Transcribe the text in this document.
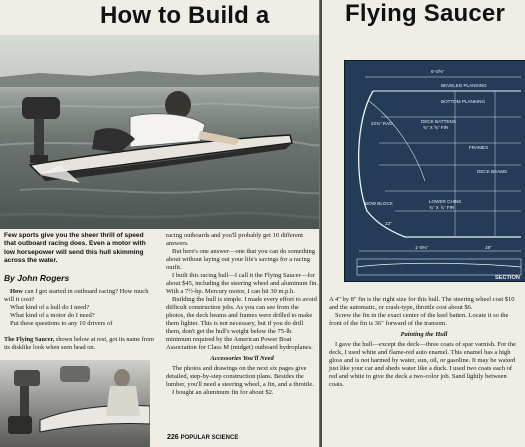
How to Build a
Few sports give you the sheer thrill of speed that outboard racing does. Even a motor with low horsepower will send this hull skimming across the water.
By John Rogers

How can I get started in outboard racing? How much will it cost?

What kind of a hull do I need?

What kind of a motor do I need?

Put these questions to any 10 drivers of

The Flying Saucer, shown below at rest, got its name from its disklike look when seen head on.

racing outboards and you'll probably get 10 different answers.

But here's one answer—one that you can do something about without laying out your life's savings for a racing outfit.

I built this racing hull—I call it the Flying Saucer—for about $45, including the steering wheel and aluminum fin. With a 7½-hp. Mercury motor, I can hit 30 m.p.h.

Building the hull is simple. I made every effort to avoid difficult construction jobs. As you can see from the photos, the deck beams and frames were drilled to make them lighter. This is not necessary, but if you do drill them, don't get the hull's weight below the 75-lb. minimum required by the American Power Boat Association for Class M (midget) outboard hydroplanes.

Accessories You'll Need

The photos and drawings on the next six pages give detailed, step-by-step construction plans. Besides the lumber, you'll need a steering wheel, a fin, and a throttle.

I bought an aluminum fin for about $2.

226 POPULAR SCIENCE
Flying Saucer
6'-0⅝"
BEVELED PLANKING
BOTTOM PLANKING
DECK BATTENS
¾" X ⅝" FIR
22¾" RAD
FRAMES
DECK BEAMS
BOW BLOCK	LOWER CHINE
¾" X ⅞" FIR
23"
1'-8⅜"	19"
SECTION

A 4" by 8" fin is the right size for this hull. The steering wheel cost $10 and the automatic, or crash-type, throttle cost about $6.

Screw the fin in the exact center of the keel batten. Locate it so the front of the fin is 36" forward of the transom.

Painting the Hull

I gave the hull—except the deck—three coats of spar varnish. For the deck, I used white and flame-red auto enamel. This enamel has a high gloss and is not harmed by water, sun, oil, or gasoline. It may be waxed just like your car and sheds water like a duck. I used two coats each of red and white to give the deck a two-color job. Sand lightly between coats.
